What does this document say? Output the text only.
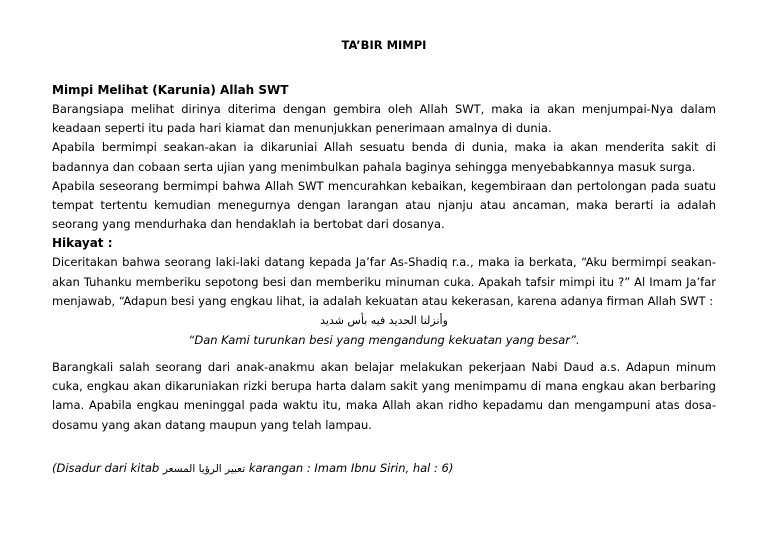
TA’BIR MIMPI

Mimpi Melihat (Karunia) Allah SWT

Barangsiapa melihat dirinya diterima dengan gembira oleh Allah SWT, maka ia akan menjumpai-Nya dalam keadaan seperti itu pada hari kiamat dan menunjukkan penerimaan amalnya di dunia.

Apabila bermimpi seakan-akan ia dikaruniai Allah sesuatu benda di dunia, maka ia akan menderita sakit di badannya dan cobaan serta ujian yang menimbulkan pahala baginya sehingga menyebabkannya masuk surga.

Apabila seseorang bermimpi bahwa Allah SWT mencurahkan kebaikan, kegembiraan dan pertolongan pada suatu tempat tertentu kemudian menegurnya dengan larangan atau njanju atau ancaman, maka berarti ia adalah seorang yang mendurhaka dan hendaklah ia bertobat dari dosanya.

Hikayat :

Diceritakan bahwa seorang laki-laki datang kepada Ja’far As-Shadiq r.a., maka ia berkata, “Aku bermimpi seakan-akan Tuhanku memberiku sepotong besi dan memberiku minuman cuka. Apakah tafsir mimpi itu ?” Al Imam Ja’far menjawab, “Adapun besi yang engkau lihat, ia adalah kekuatan atau kekerasan, karena adanya firman Allah SWT :

وأنزلنا الحديد فيه بأس شديد

“Dan Kami turunkan besi yang mengandung kekuatan yang besar”.

Barangkali salah seorang dari anak-anakmu akan belajar melakukan pekerjaan Nabi Daud a.s. Adapun minum cuka, engkau akan dikaruniakan rizki berupa harta dalam sakit yang menimpamu di mana engkau akan berbaring lama. Apabila engkau meninggal pada waktu itu, maka Allah akan ridho kepadamu dan mengampuni atas dosa-dosamu yang akan datang maupun yang telah lampau.

(Disadur dari kitab تعبير الرؤيا المسعر karangan : Imam Ibnu Sirin, hal : 6)
